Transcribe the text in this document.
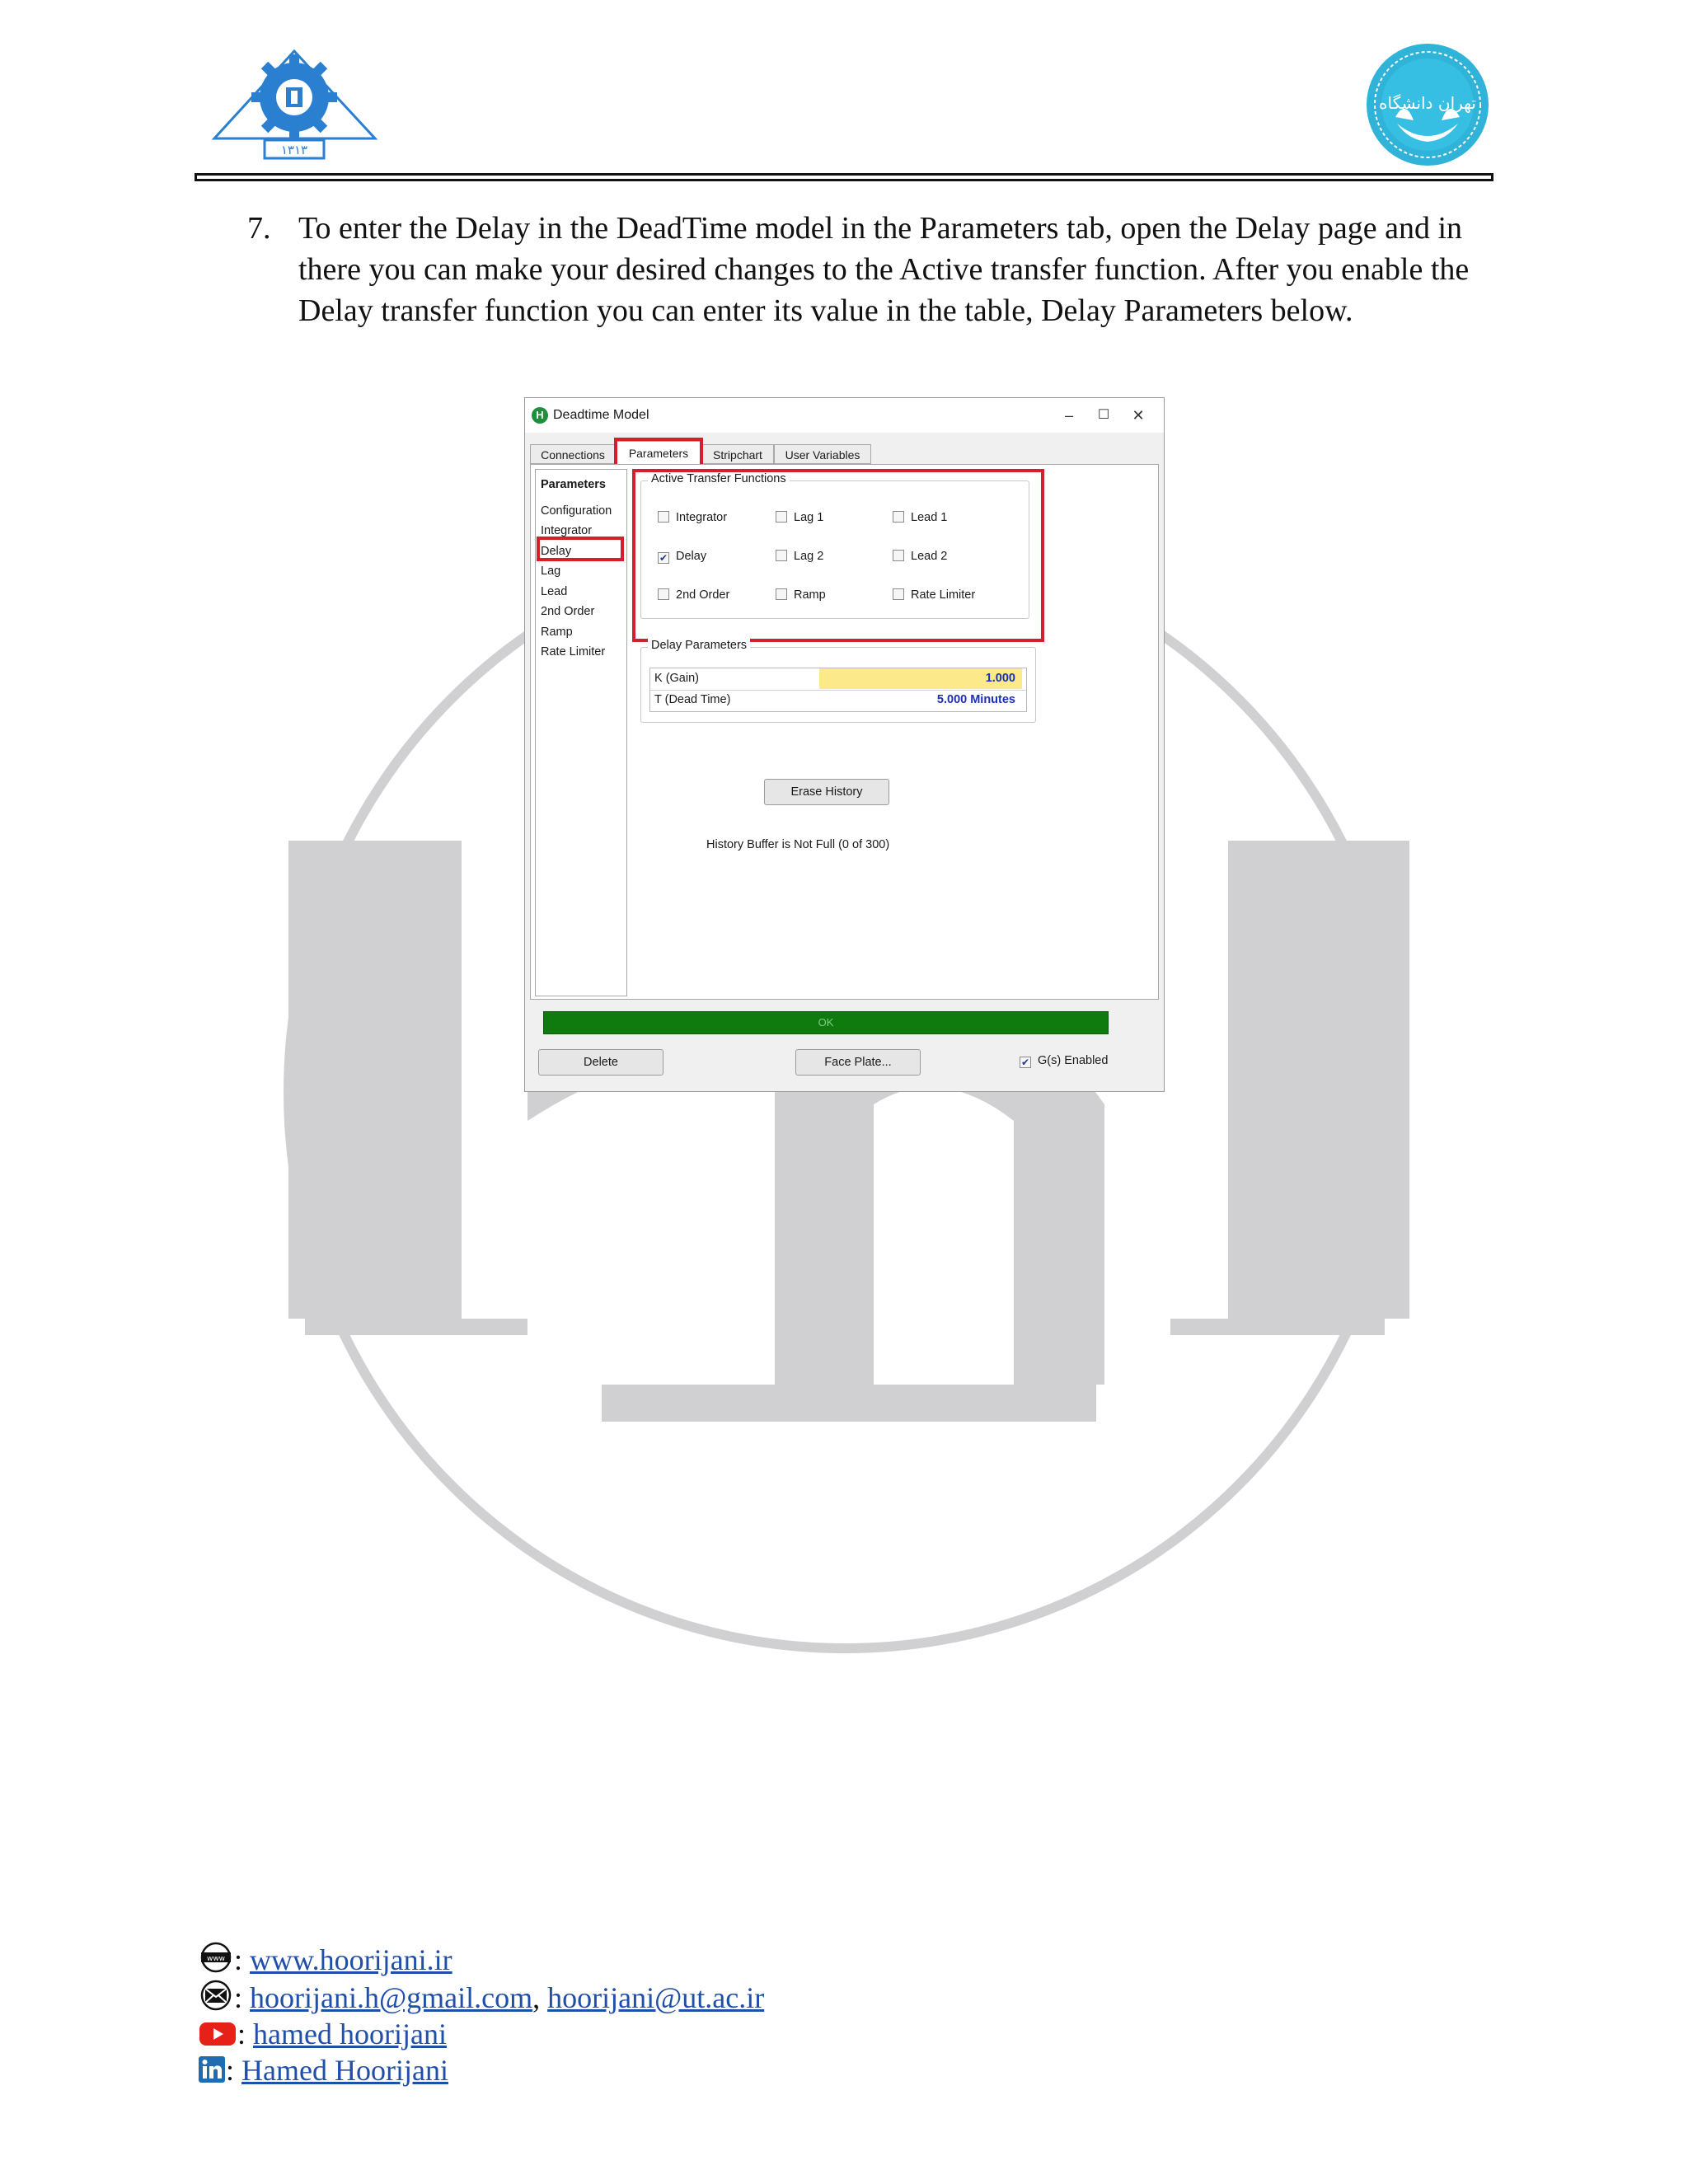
۱۳۱۳
تهران دانشگاه
7. To enter the Delay in the DeadTime model in the Parameters tab, open the Delay page and in there you can make your desired changes to the Active transfer function. After you enable the Delay transfer function you can enter its value in the table, Delay Parameters below.
H Deadtime Model	–	☐	✕
Connections	Parameters	Stripchart	User Variables
Parameters
Configuration
Integrator
Delay
Lag
Lead
2nd Order
Ramp
Rate Limiter
Active Transfer Functions
Integrator	Lag 1	Lead 1
✔ Delay	Lag 2	Lead 2
2nd Order	Ramp	Rate Limiter
Delay Parameters
K (Gain)	1.000
T (Dead Time)	5.000 Minutes
Erase History
History Buffer is Not Full (0 of 300)
OK
Delete	Face Plate...	✔ G(s) Enabled
www : www.hoorijani.ir
: hoorijani.h@gmail.com, hoorijani@ut.ac.ir
: hamed hoorijani
: Hamed Hoorijani
